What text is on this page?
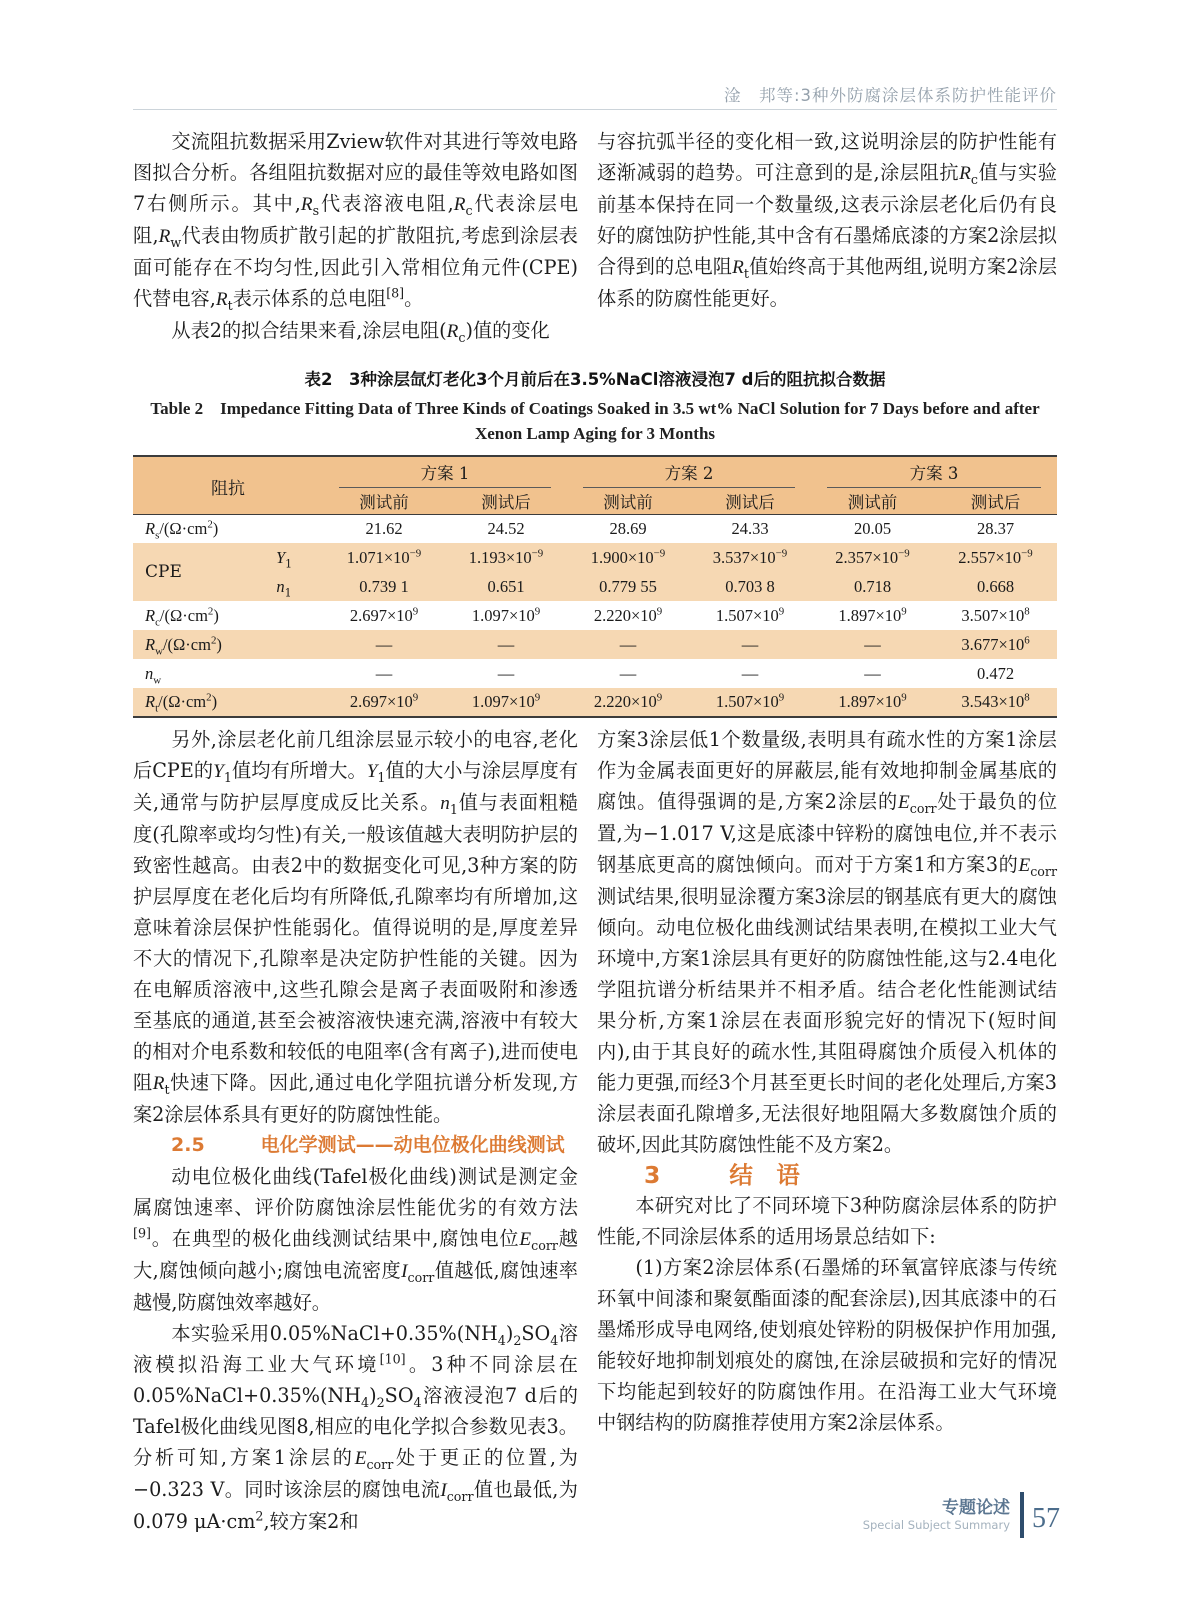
淦　邦等:3种外防腐涂层体系防护性能评价

交流阻抗数据采用Zview软件对其进行等效电路图拟合分析。各组阻抗数据对应的最佳等效电路如图7右侧所示。其中$,R_s$代表溶液电阻$,R_c$代表涂层电阻$,R_w$代表由物质扩散引起的扩散阻抗,考虑到涂层表面可能存在不均匀性,因此引入常相位角元件(CPE)代替电容$,R_t$表示体系的总电阻[8]。

从表2的拟合结果来看,涂层电阻$(R_c)$值的变化

与容抗弧半径的变化相一致,这说明涂层的防护性能有逐渐减弱的趋势。可注意到的是,涂层阻抗$R_c$值与实验前基本保持在同一个数量级,这表示涂层老化后仍有良好的腐蚀防护性能,其中含有石墨烯底漆的方案2涂层拟合得到的总电阻$R_t$值始终高于其他两组,说明方案2涂层体系的防腐性能更好。

表2　3种涂层氙灯老化3个月前后在3.5%NaCl溶液浸泡7 d后的阻抗拟合数据

Table 2　Impedance Fitting Data of Three Kinds of Coatings Soaked in 3.5 wt% NaCl Solution for 7 Days before and after

Xenon Lamp Aging for 3 Months

阻抗		方案 1		方案 2		方案 3	

		测试前	测试后	测试前	测试后	测试前	测试后
$R_s/(\Omega\cdot cm^2)$		21.62	24.52	28.69	24.33	20.05	28.37
CPE	$Y_1$	$1.071\times 10^{-9}$	$1.193\times 10^{-9}$	$1.900\times 10^{-9}$	$3.537\times 10^{-9}$	$2.357\times 10^{-9}$	$2.557\times 10^{-9}$
	$n_1$	0.739 1	0.651	0.779 55	0.703 8	0.718	0.668
$R_c/(\Omega\cdot cm^2)$		$2.697\times 10^9$	$1.097\times 10^9$	$2.220\times 10^9$	$1.507\times 10^9$	$1.897\times 10^9$	$3.507\times 10^8$
$R_w/(\Omega\cdot cm^2)$		—	—	—	—	—	$3.677\times 10^6$
$n_w$		—	—	—	—	—	0.472
$R_t/(\Omega\cdot cm^2)$		$2.697\times 10^9$	$1.097\times 10^9$	$2.220\times 10^9$	$1.507\times 10^9$	$1.897\times 10^9$	$3.543\times 10^8$

另外,涂层老化前几组涂层显示较小的电容,老化后CPE的$Y_1$值均有所增大。$Y_1$值的大小与涂层厚度有关,通常与防护层厚度成反比关系。$n_1$值与表面粗糙度(孔隙率或均匀性)有关,一般该值越大表明防护层的致密性越高。由表2中的数据变化可见,3种方案的防护层厚度在老化后均有所降低,孔隙率均有所增加,这意味着涂层保护性能弱化。值得说明的是,厚度差异不大的情况下,孔隙率是决定防护性能的关键。因为在电解质溶液中,这些孔隙会是离子表面吸附和渗透至基底的通道,甚至会被溶液快速充满,溶液中有较大的相对介电系数和较低的电阻率(含有离子),进而使电阻$R_t$快速下降。因此,通过电化学阻抗谱分析发现,方案2涂层体系具有更好的防腐蚀性能。

2.5	电化学测试——动电位极化曲线测试

动电位极化曲线(Tafel极化曲线)测试是测定金属腐蚀速率、评价防腐蚀涂层性能优劣的有效方法[9]。在典型的极化曲线测试结果中,腐蚀电位$E_{corr}$越大,腐蚀倾向越小;腐蚀电流密度$I_{corr}$值越低,腐蚀速率越慢,防腐蚀效率越好。

本实验采用$0.05\%NaCl+0.35\%(NH_4)_2SO_4$溶液模拟沿海工业大气环境[10]。3种不同涂层在$0.05\%NaCl+0.35\%(NH_4)_2SO_4$溶液浸泡7 d后的Tafel极化曲线见图8,相应的电化学拟合参数见表3。分析可知,方案1涂层的$E_{corr}$处于更正的位置,为−0.323 V。同时该涂层的腐蚀电流$I_{corr}$值也最低,为0.079 $\mu A\cdot cm^2$,较方案2和

方案3涂层低1个数量级,表明具有疏水性的方案1涂层作为金属表面更好的屏蔽层,能有效地抑制金属基底的腐蚀。值得强调的是,方案2涂层的$E_{corr}$处于最负的位置,为−1.017 V,这是底漆中锌粉的腐蚀电位,并不表示钢基底更高的腐蚀倾向。而对于方案1和方案3的$E_{corr}$测试结果,很明显涂覆方案3涂层的钢基底有更大的腐蚀倾向。动电位极化曲线测试结果表明,在模拟工业大气环境中,方案1涂层具有更好的防腐蚀性能,这与2.4电化学阻抗谱分析结果并不相矛盾。结合老化性能测试结果分析,方案1涂层在表面形貌完好的情况下(短时间内),由于其良好的疏水性,其阻碍腐蚀介质侵入机体的能力更强,而经3个月甚至更长时间的老化处理后,方案3涂层表面孔隙增多,无法很好地阻隔大多数腐蚀介质的破坏,因此其防腐蚀性能不及方案2。

3	结　语

本研究对比了不同环境下3种防腐涂层体系的防护性能,不同涂层体系的适用场景总结如下:

(1)方案2涂层体系(石墨烯的环氧富锌底漆与传统环氧中间漆和聚氨酯面漆的配套涂层),因其底漆中的石墨烯形成导电网络,使划痕处锌粉的阴极保护作用加强,能较好地抑制划痕处的腐蚀,在涂层破损和完好的情况下均能起到较好的防腐蚀作用。在沿海工业大气环境中钢结构的防腐推荐使用方案2涂层体系。

专题论述
Special Subject Summary 57
